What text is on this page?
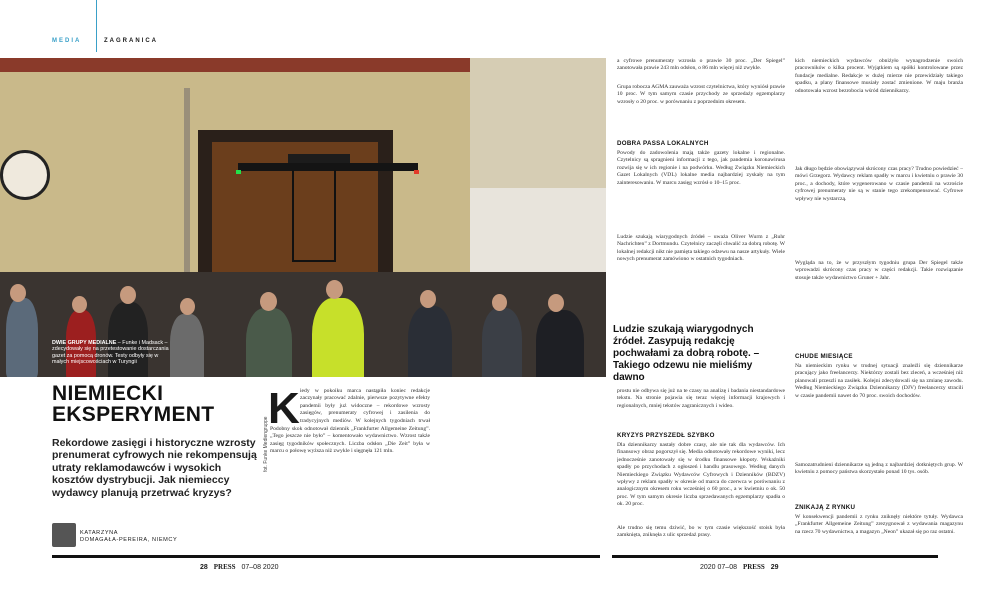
MEDIA	ZAGRANICA
DWIE GRUPY MEDIALNE – Funke i Madsack – zdecydowały się na przetestowanie dostarczania gazet za pomocą dronów. Testy odbyły się w małych miejscowościach w Turyngii
NIEMIECKI
EKSPERYMENT
Rekordowe zasięgi i historyczne wzrosty prenumerat cyfrowych nie rekompensują utraty reklamodawców i wysokich kosztów dystrybucji. Jak niemieccy wydawcy planują przetrwać kryzys?
KATARZYNA
DOMAGAŁA-PEREIRA, NIEMCY
fot. Funke Mediengruppe
K iedy w pokoiku marca nastąpiła koniec redakcje zaczynały pracować zdalnie, pierwsze pozytywne efekty pandemii były już widoczne – rekordowe wzrosty zasięgów, prenumeraty cyfrowej i zasilenia do tradycyjnych mediów. W kolejnych tygodniach trwał
Podobny skok odnotował dziennik „Frankfurter Allgemeine Zeitung”. „Tego jeszcze nie było” – komentowało wydawnictwo. Wzrost także zasięg tygodników społecznych. Liczba odsłon „Die Zeit” była w marcu o połowę wyższa niż zwykle i sięgnęła 121 mln.
prostu nie odbywa się już na te czasy na analizę i badania niestandardowe tekstu. Na stronie pojawia się teraz więcej informacji krajowych i regionalnych, mniej tekstów zagranicznych i wideo.
KRYZYS PRZYSZEDŁ SZYBKO
Dla dziennikarzy nastały dobre czasy, ale nie tak dla wydawców. Ich finansowy obraz pogorszył się. Media odnotowały rekordowe wyniki, lecz jednocześnie zanotowały się w środku finansowe kłopoty. Wskaźniki spadły po przychodach z ogłoszeń i handlu prasowego. Według danych Niemieckiego Związku Wydawców Cyfrowych i Dzienników (BDZV) wpływy z reklam spadły w okresie od marca do czerwca w porównaniu z analogicznym okresem roku wcześniej o 60 proc., a w kwietniu o ok. 50 proc. W tym samym okresie liczba sprzedawanych egzemplarzy spadła o ok. 20 proc.
Ale trudno się temu dziwić, bo w tym czasie większość stoisk była zamknięta, zniknęła z ulic sprzedaż prasy.
a cyfrowe prenumeraty wzrosła o prawie 30 proc. „Der Spiegel” zanotowała prawie 243 mln odsłon, o 86 mln więcej niż zwykle.
Grupa robocza AGMA zauważa wzrost czytelnictwa, który wyniósł prawie 10 proc. W tym samym czasie przychody ze sprzedaży egzemplarzy wzrosły o 20 proc. w porównaniu z poprzednim okresem.
DOBRA PASSA LOKALNYCH
Powody do zadowolenia mają także gazety lokalne i regionalne. Czytelnicy są spragnieni informacji z tego, jak pandemia koronawirusa rozwija się w ich regionie i na podwórku. Według Związku Niemieckich Gazet Lokalnych (VDL) lokalne media najbardziej zyskały na tym zainteresowaniu. W marcu zasięg wzrósł o 10–15 proc.
Ludzie szukają wiarygodnych źródeł – uważa Oliver Wurm z „Ruhr Nachrichten” z Dortmundu. Czytelnicy zaczęli chwalić za dobrą robotę. W lokalnej redakcji nikt nie pamięta takiego odzewu na nasze artykuły. Wiele nowych prenumerat zamówiono w ostatnich tygodniach.
Ludzie szukają wiarygodnych źródeł. Zasypują redakcję pochwałami za dobrą robotę. – Takiego odzewu nie mieliśmy dawno
kich niemieckich wydawców obniżyło wynagrodzenie swoich pracowników o kilka procent. Wyjątkiem są spółki kontrolowane przez fundacje medialne. Redakcje w dużej mierze nie przewidziały takiego spadku, a plany finansowe musiały zostać zmienione. W maju branża odnotowała wzrost bezrobocia wśród dziennikarzy.
Jak długo będzie obowiązywał skrócony czas pracy? Trudno powiedzieć – mówi Grzegorz. Wydawcy reklam spadły w marcu i kwietniu o prawie 30 proc., a dochody, które wygenerowano w czasie pandemii na wzroście cyfrowej prenumeraty nie są w stanie tego zrekompensować. Cyfrowe wpływy nie wystarczą.
Wygląda na to, że w przyszłym tygodniu grupa Der Spiegel także wprowadzi skrócony czas pracy w części redakcji. Takie rozwiązanie stosuje także wydawnictwo Gruner + Jahr.
CHUDE MIESIĄCE
Na niemieckim rynku w trudnej sytuacji znaleźli się dziennikarze pracujący jako freelancerzy. Niektórzy zostali bez zleceń, a wcześniej niż planowali przeszli na zasiłek. Kolejni zdecydowali się na zmianę zawodu. Według Niemieckiego Związku Dziennikarzy (DJV) freelancerzy stracili w czasie pandemii nawet do 70 proc. swoich dochodów.
Samozatrudnieni dziennikarze są jedną z najbardziej dotkniętych grup. W kwietniu z pomocy państwa skorzystało ponad 10 tys. osób.
ZNIKAJĄ Z RYNKU
W konsekwencji pandemii z rynku zniknęły niektóre tytuły. Wydawca „Frankfurter Allgemeine Zeitung” zrezygnował z wydawania magazynu na rzecz 70 wydawnictwa, a magazyn „Neon” ukazał się po raz ostatni.
28 PRESS 07–08 2020	2020 07–08 PRESS 29
